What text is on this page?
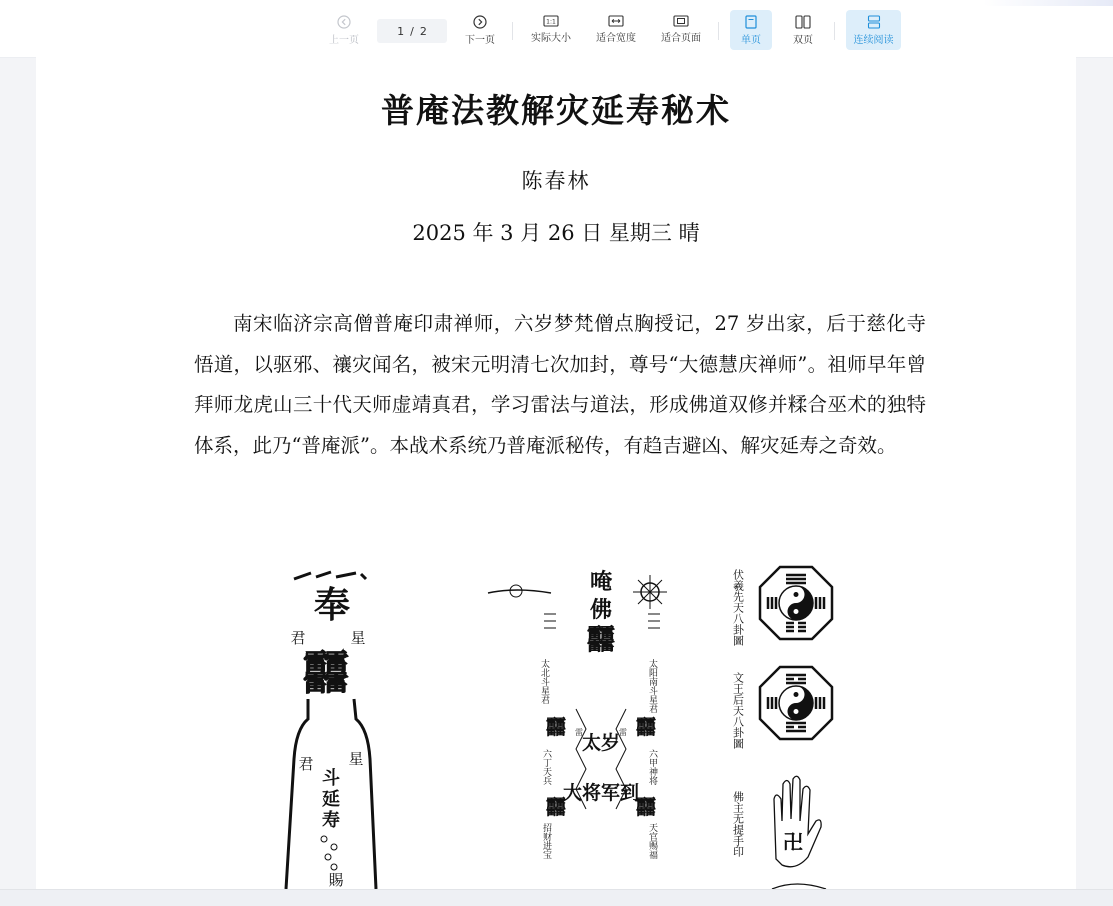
上一页
1 / 2
下一页
1:1
实际大小	适合宽度	适合页面	单页	双页	连续阅读
普庵法教解灾延寿秘术
陈春林
2025 年 3 月 26 日 星期三 晴

南宋临济宗高僧普庵印肃禅师，六岁梦梵僧点胸授记，27 岁出家，后于慈化寺悟道，以驱邪、禳灾闻名，被宋元明清七次加封，尊号“大德慧庆禅师”。祖师早年曾拜师龙虎山三十代天师虚靖真君，学习雷法与道法，形成佛道双修并糅合巫术的独特体系，此乃“普庵派”。本战术系统乃普庵派秘传，有趋吉避凶、解灾延寿之奇效。

奉
君	星
䨻
君 星
斗
延
寿
賜
唵
佛
䨻
太北斗星君	太阳南斗星君
䨻	䨻
六丁天兵	六甲神将
雷	雷
太岁
大将军到
䨻	䨻
招财进宝	天官赐福
伏羲先天八卦圖
文王后天八卦圖
佛主无提手印 卍
